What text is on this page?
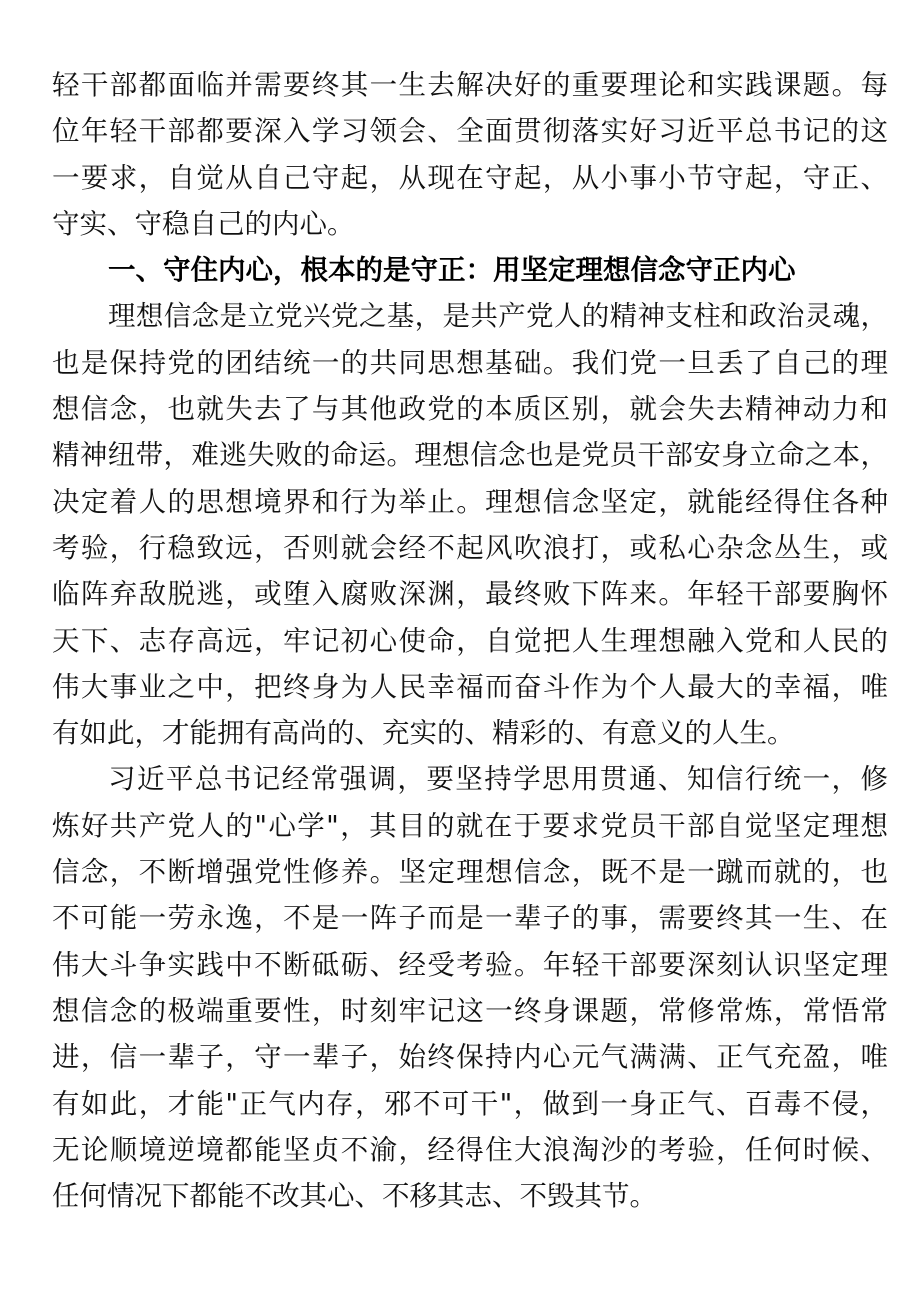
轻干部都面临并需要终其一生去解决好的重要理论和实践课题。每
位年轻干部都要深入学习领会、全面贯彻落实好习近平总书记的这
一要求，自觉从自己守起，从现在守起，从小事小节守起，守正、
守实、守稳自己的内心。
一、守住内心，根本的是守正：用坚定理想信念守正内心
理想信念是立党兴党之基，是共产党人的精神支柱和政治灵魂，
也是保持党的团结统一的共同思想基础。我们党一旦丢了自己的理
想信念，也就失去了与其他政党的本质区别，就会失去精神动力和
精神纽带，难逃失败的命运。理想信念也是党员干部安身立命之本，
决定着人的思想境界和行为举止。理想信念坚定，就能经得住各种
考验，行稳致远，否则就会经不起风吹浪打，或私心杂念丛生，或
临阵弃敌脱逃，或堕入腐败深渊，最终败下阵来。年轻干部要胸怀
天下、志存高远，牢记初心使命，自觉把人生理想融入党和人民的
伟大事业之中，把终身为人民幸福而奋斗作为个人最大的幸福，唯
有如此，才能拥有高尚的、充实的、精彩的、有意义的人生。
习近平总书记经常强调，要坚持学思用贯通、知信行统一，修
炼好共产党人的"心学"，其目的就在于要求党员干部自觉坚定理想
信念，不断增强党性修养。坚定理想信念，既不是一蹴而就的，也
不可能一劳永逸，不是一阵子而是一辈子的事，需要终其一生、在
伟大斗争实践中不断砥砺、经受考验。年轻干部要深刻认识坚定理
想信念的极端重要性，时刻牢记这一终身课题，常修常炼，常悟常
进，信一辈子，守一辈子，始终保持内心元气满满、正气充盈，唯
有如此，才能"正气内存，邪不可干"，做到一身正气、百毒不侵，
无论顺境逆境都能坚贞不渝，经得住大浪淘沙的考验，任何时候、
任何情况下都能不改其心、不移其志、不毁其节。
